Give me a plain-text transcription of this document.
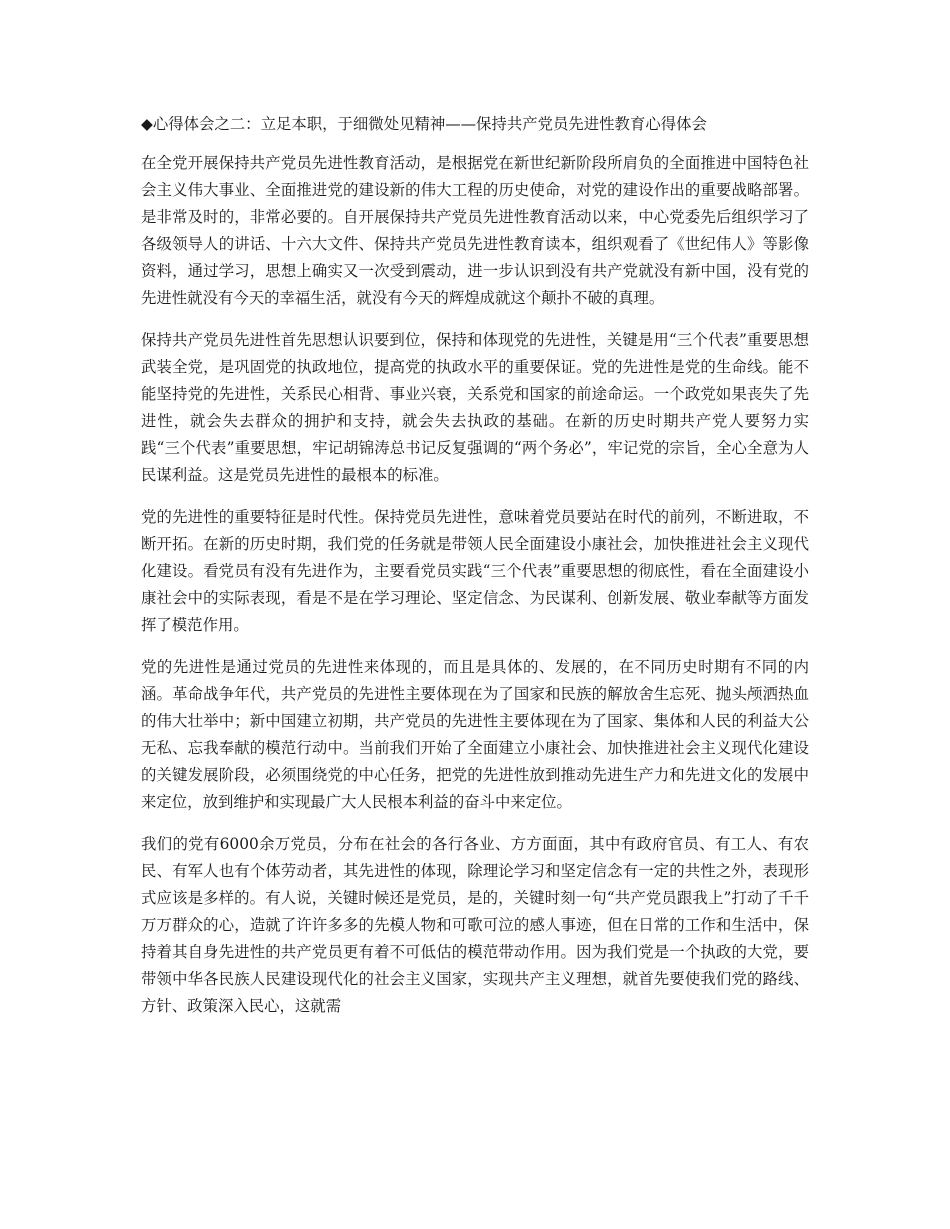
◆心得体会之二：立足本职，于细微处见精神——保持共产党员先进性教育心得体会

在全党开展保持共产党员先进性教育活动，是根据党在新世纪新阶段所肩负的全面推进中国特色社会主义伟大事业、全面推进党的建设新的伟大工程的历史使命，对党的建设作出的重要战略部署。是非常及时的，非常必要的。自开展保持共产党员先进性教育活动以来，中心党委先后组织学习了各级领导人的讲话、十六大文件、保持共产党员先进性教育读本，组织观看了《世纪伟人》等影像资料，通过学习，思想上确实又一次受到震动，进一步认识到没有共产党就没有新中国，没有党的先进性就没有今天的幸福生活，就没有今天的辉煌成就这个颠扑不破的真理。

保持共产党员先进性首先思想认识要到位，保持和体现党的先进性，关键是用“三个代表”重要思想武装全党，是巩固党的执政地位，提高党的执政水平的重要保证。党的先进性是党的生命线。能不能坚持党的先进性，关系民心相背、事业兴衰，关系党和国家的前途命运。一个政党如果丧失了先进性，就会失去群众的拥护和支持，就会失去执政的基础。在新的历史时期共产党人要努力实践“三个代表”重要思想，牢记胡锦涛总书记反复强调的“两个务必”，牢记党的宗旨，全心全意为人民谋利益。这是党员先进性的最根本的标准。

党的先进性的重要特征是时代性。保持党员先进性，意味着党员要站在时代的前列，不断进取，不断开拓。在新的历史时期，我们党的任务就是带领人民全面建设小康社会，加快推进社会主义现代化建设。看党员有没有先进作为，主要看党员实践“三个代表”重要思想的彻底性，看在全面建设小康社会中的实际表现，看是不是在学习理论、坚定信念、为民谋利、创新发展、敬业奉献等方面发挥了模范作用。

党的先进性是通过党员的先进性来体现的，而且是具体的、发展的，在不同历史时期有不同的内涵。革命战争年代，共产党员的先进性主要体现在为了国家和民族的解放舍生忘死、抛头颅洒热血的伟大壮举中；新中国建立初期，共产党员的先进性主要体现在为了国家、集体和人民的利益大公无私、忘我奉献的模范行动中。当前我们开始了全面建立小康社会、加快推进社会主义现代化建设的关键发展阶段，必须围绕党的中心任务，把党的先进性放到推动先进生产力和先进文化的发展中来定位，放到维护和实现最广大人民根本利益的奋斗中来定位。

我们的党有6000余万党员，分布在社会的各行各业、方方面面，其中有政府官员、有工人、有农民、有军人也有个体劳动者，其先进性的体现，除理论学习和坚定信念有一定的共性之外，表现形式应该是多样的。有人说，关键时候还是党员，是的，关键时刻一句“共产党员跟我上”打动了千千万万群众的心，造就了许许多多的先模人物和可歌可泣的感人事迹，但在日常的工作和生活中，保持着其自身先进性的共产党员更有着不可低估的模范带动作用。因为我们党是一个执政的大党，要带领中华各民族人民建设现代化的社会主义国家，实现共产主义理想，就首先要使我们党的路线、方针、政策深入民心，这就需
